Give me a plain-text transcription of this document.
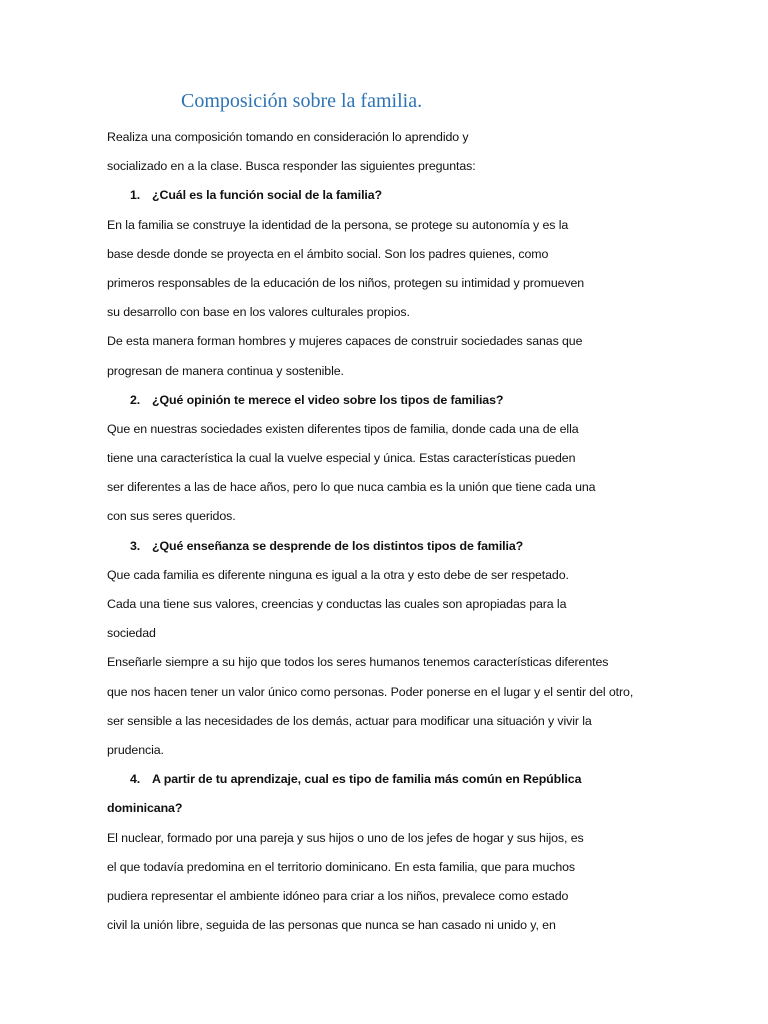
Composición sobre la familia.
Realiza una composición tomando en consideración lo aprendido y
socializado en a la clase. Busca responder las siguientes preguntas:
1. ¿Cuál es la función social de la familia?
En la familia se construye la identidad de la persona, se protege su autonomía y es la
base desde donde se proyecta en el ámbito social. Son los padres quienes, como
primeros responsables de la educación de los niños, protegen su intimidad y promueven
su desarrollo con base en los valores culturales propios.
De esta manera forman hombres y mujeres capaces de construir sociedades sanas que
progresan de manera continua y sostenible.
2. ¿Qué opinión te merece el video sobre los tipos de familias?
Que en nuestras sociedades existen diferentes tipos de familia, donde cada una de ella
tiene una característica la cual la vuelve especial y única. Estas características pueden
ser diferentes a las de hace años, pero lo que nuca cambia es la unión que tiene cada una
con sus seres queridos.
3. ¿Qué enseñanza se desprende de los distintos tipos de familia?
Que cada familia es diferente ninguna es igual a la otra y esto debe de ser respetado.
Cada una tiene sus valores, creencias y conductas las cuales son apropiadas para la
sociedad
Enseñarle siempre a su hijo que todos los seres humanos tenemos características diferentes
que nos hacen tener un valor único como personas. Poder ponerse en el lugar y el sentir del otro,
ser sensible a las necesidades de los demás, actuar para modificar una situación y vivir la
prudencia.
4. A partir de tu aprendizaje, cual es tipo de familia más común en República
dominicana?
El nuclear, formado por una pareja y sus hijos o uno de los jefes de hogar y sus hijos, es
el que todavía predomina en el territorio dominicano. En esta familia, que para muchos
pudiera representar el ambiente idóneo para criar a los niños, prevalece como estado
civil la unión libre, seguida de las personas que nunca se han casado ni unido y, en
